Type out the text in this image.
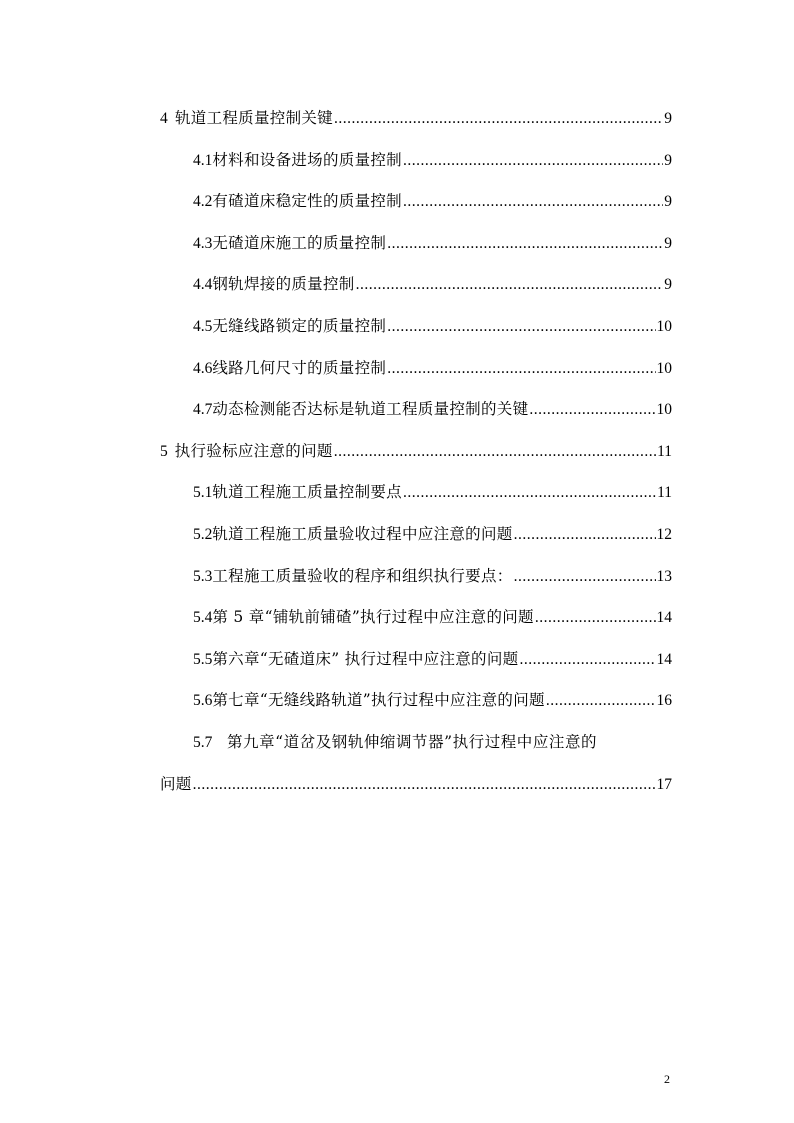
4 轨道工程质量控制关键 .....	9
4.1 材料和设备进场的质量控制 .....	9
4.2 有碴道床稳定性的质量控制 .....	9
4.3 无碴道床施工的质量控制 .....	9
4.4 钢轨焊接的质量控制 .....	9
4.5 无缝线路锁定的质量控制 .....	10
4.6 线路几何尺寸的质量控制 .....	10
4.7 动态检测能否达标是轨道工程质量控制的关键 .....	10
5 执行验标应注意的问题 .....	11
5.1 轨道工程施工质量控制要点 .....	11
5.2 轨道工程施工质量验收过程中应注意的问题 .....	12
5.3 工程施工质量验收的程序和组织执行要点： .....	13
5.4 第 5 章“铺轨前铺碴”执行过程中应注意的问题 .....	14
5.5 第六章“无碴道床” 执行过程中应注意的问题 .....	14
5.6 第七章“无缝线路轨道”执行过程中应注意的问题 .....	16
5.7 第九章“道岔及钢轨伸缩调节器”执行过程中应注意的
问题 .....	17
2
